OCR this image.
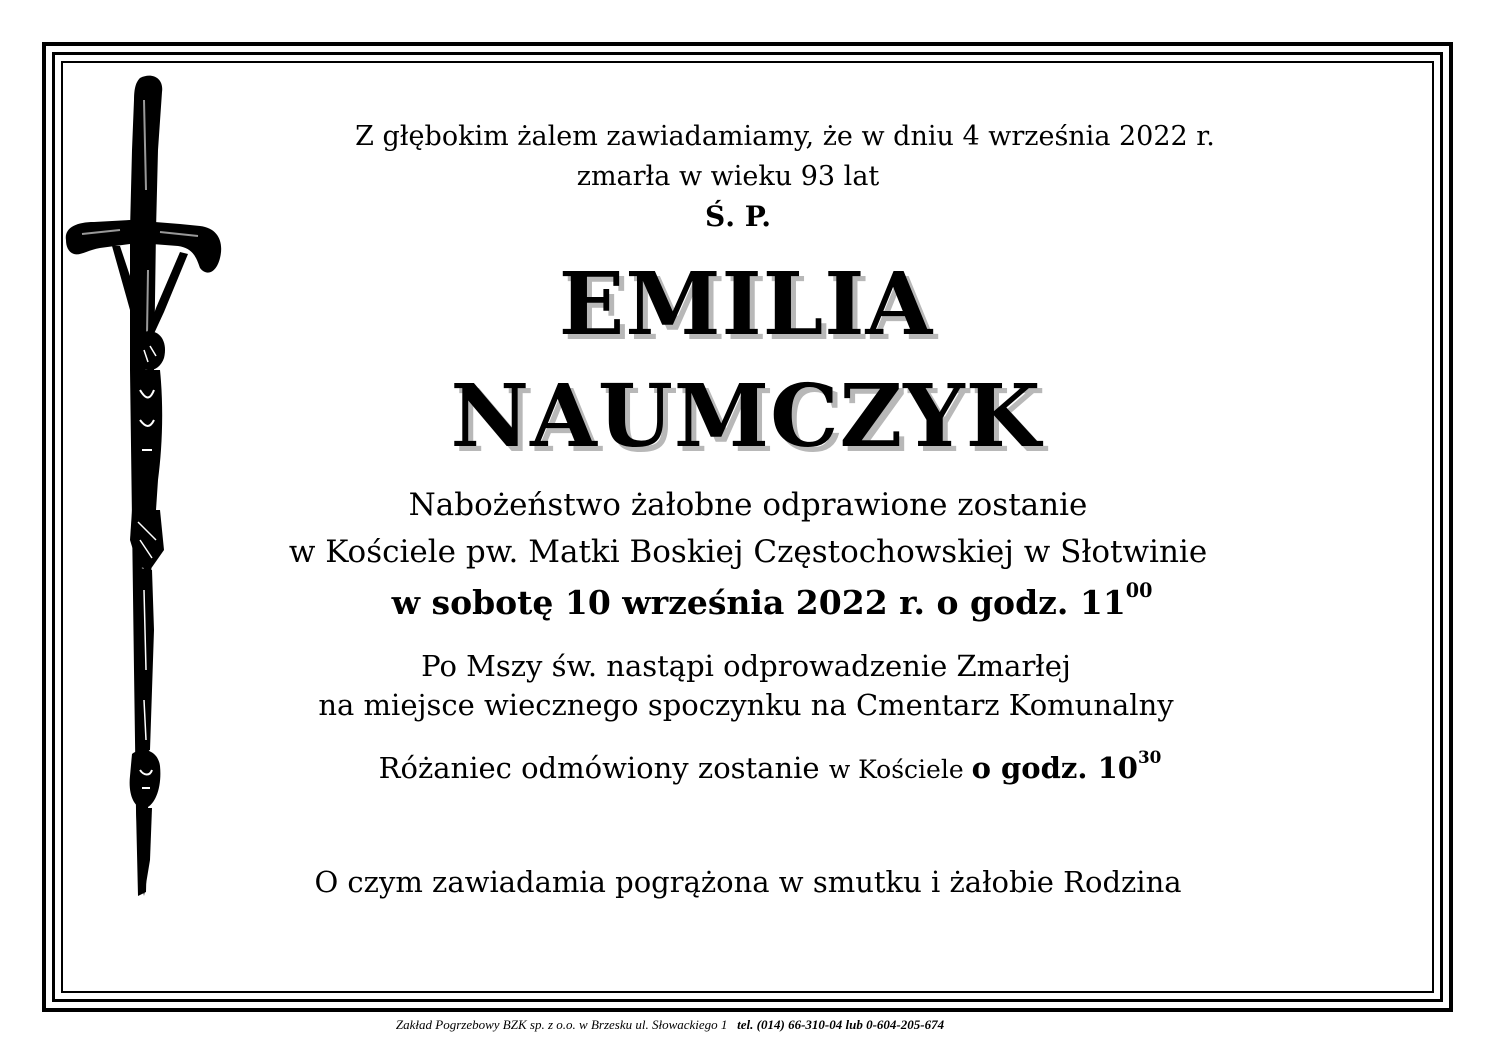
Z głębokim żalem zawiadamiamy, że w dniu 4 września 2022 r.
zmarła w wieku 93 lat
Ś. P.
EMILIA
NAUMCZYK
Nabożeństwo żałobne odprawione zostanie
w Kościele pw. Matki Boskiej Częstochowskiej w Słotwinie
w sobotę 10 września 2022 r. o godz. $11^{00}$
Po Mszy św. nastąpi odprowadzenie Zmarłej
na miejsce wiecznego spoczynku na Cmentarz Komunalny
Różaniec odmówiony zostanie w Kościele o godz. $10^{30}$
O czym zawiadamia pogrążona w smutku i żałobie Rodzina
Zakład Pogrzebowy BZK sp. z o.o. w Brzesku ul. Słowackiego 1 tel. (014) 66-310-04 lub 0-604-205-674
